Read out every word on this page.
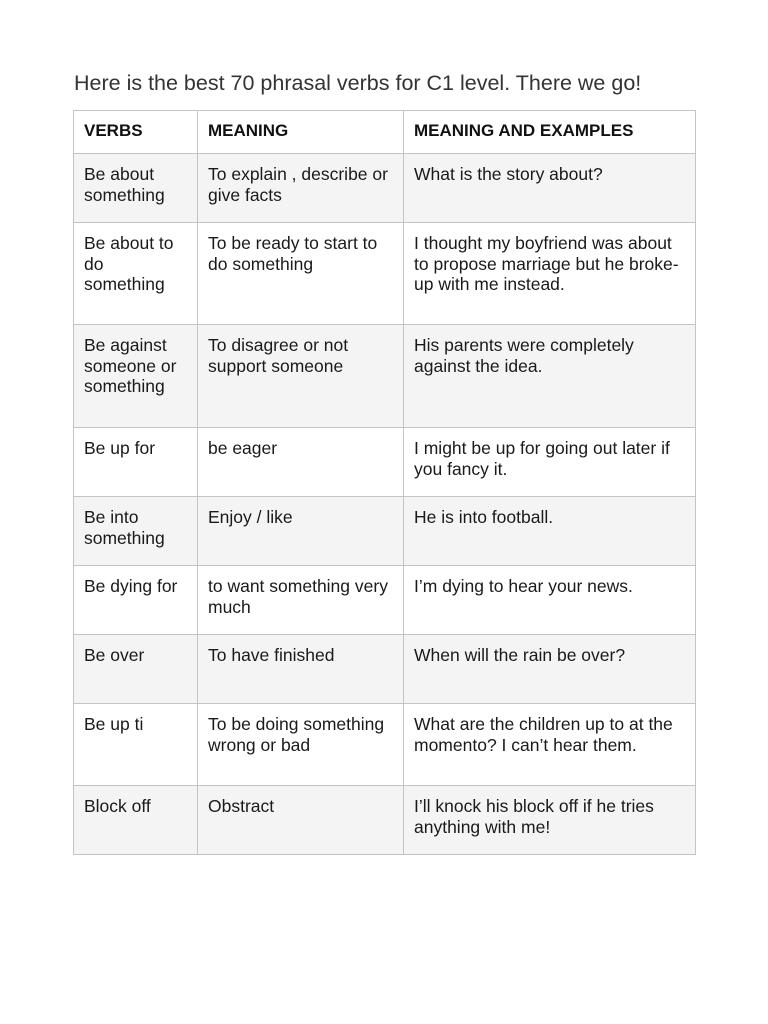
Here is the best 70 phrasal verbs for C1 level. There we go!
VERBS	MEANING	MEANING AND EXAMPLES
Be about something	To explain , describe or give facts	What is the story about?
Be about to do something	To be ready to start to do something	I thought my boyfriend was about to propose marriage but he broke-up with me instead.
Be against someone or something	To disagree or not support someone	His parents were completely against the idea.
Be up for	be eager	I might be up for going out later if you fancy it.
Be into something	Enjoy / like	He is into football.
Be dying for	to want something very much	I’m dying to hear your news.
Be over	To have finished	When will the rain be over?
Be up ti	To be doing something wrong or bad	What are the children up to at the momento? I can’t hear them.
Block off	Obstract	I’ll knock his block off if he tries anything with me!
